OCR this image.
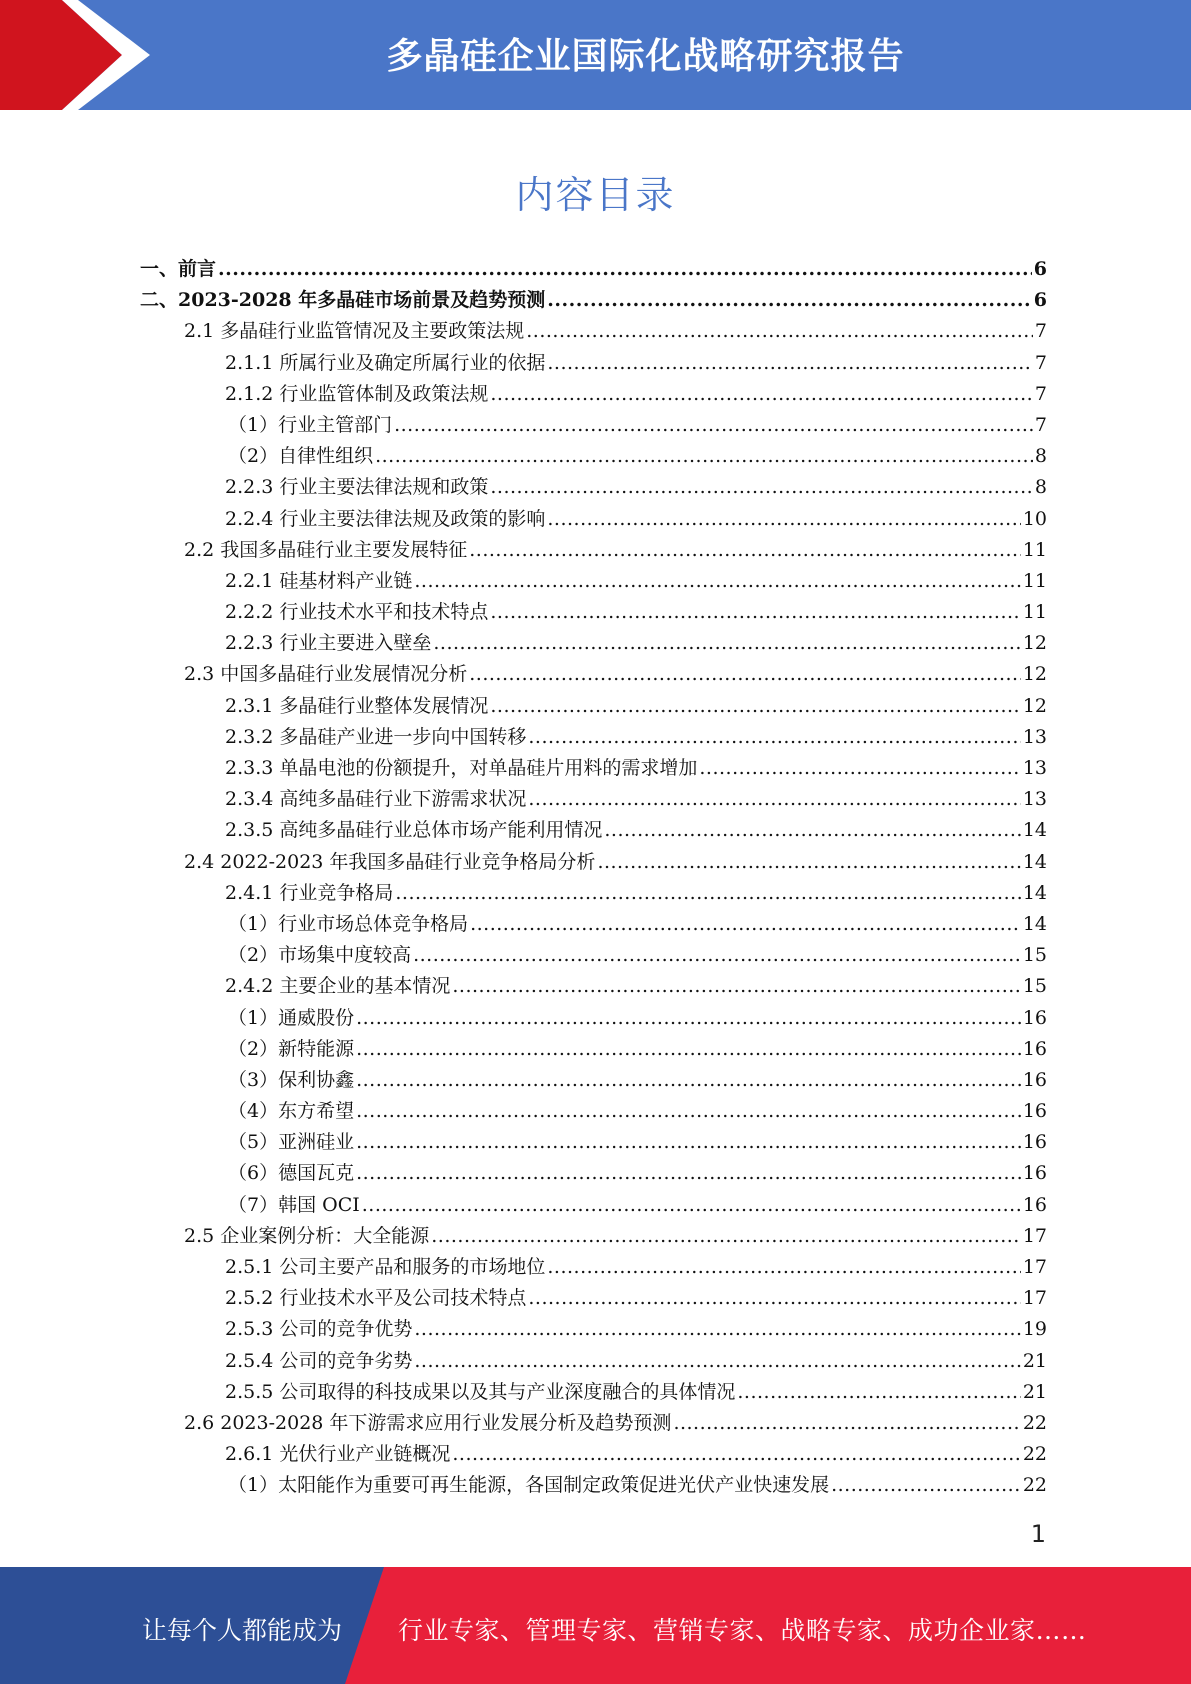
多晶硅企业国际化战略研究报告
内容目录
一、前言 .....	6
二、2023-2028 年多晶硅市场前景及趋势预测 .....	6
2.1 多晶硅行业监管情况及主要政策法规 .....	7
2.1.1 所属行业及确定所属行业的依据 .....	7
2.1.2 行业监管体制及政策法规 .....	7
（1）行业主管部门 .....	7
（2）自律性组织 .....	8
2.2.3 行业主要法律法规和政策 .....	8
2.2.4 行业主要法律法规及政策的影响 .....	10
2.2 我国多晶硅行业主要发展特征 .....	11
2.2.1 硅基材料产业链 .....	11
2.2.2 行业技术水平和技术特点 .....	11
2.2.3 行业主要进入壁垒 .....	12
2.3 中国多晶硅行业发展情况分析 .....	12
2.3.1 多晶硅行业整体发展情况 .....	12
2.3.2 多晶硅产业进一步向中国转移 .....	13
2.3.3 单晶电池的份额提升，对单晶硅片用料的需求增加 .....	13
2.3.4 高纯多晶硅行业下游需求状况 .....	13
2.3.5 高纯多晶硅行业总体市场产能利用情况 .....	14
2.4 2022-2023 年我国多晶硅行业竞争格局分析 .....	14
2.4.1 行业竞争格局 .....	14
（1）行业市场总体竞争格局 .....	14
（2）市场集中度较高 .....	15
2.4.2 主要企业的基本情况 .....	15
（1）通威股份 .....	16
（2）新特能源 .....	16
（3）保利协鑫 .....	16
（4）东方希望 .....	16
（5）亚洲硅业 .....	16
（6）德国瓦克 .....	16
（7）韩国 OCI .....	16
2.5 企业案例分析：大全能源 .....	17
2.5.1 公司主要产品和服务的市场地位 .....	17
2.5.2 行业技术水平及公司技术特点 .....	17
2.5.3 公司的竞争优势 .....	19
2.5.4 公司的竞争劣势 .....	21
2.5.5 公司取得的科技成果以及其与产业深度融合的具体情况 .....	21
2.6 2023-2028 年下游需求应用行业发展分析及趋势预测 .....	22
2.6.1 光伏行业产业链概况 .....	22
（1）太阳能作为重要可再生能源，各国制定政策促进光伏产业快速发展 .....	22
1
让每个人都能成为 行业专家、管理专家、营销专家、战略专家、成功企业家……
